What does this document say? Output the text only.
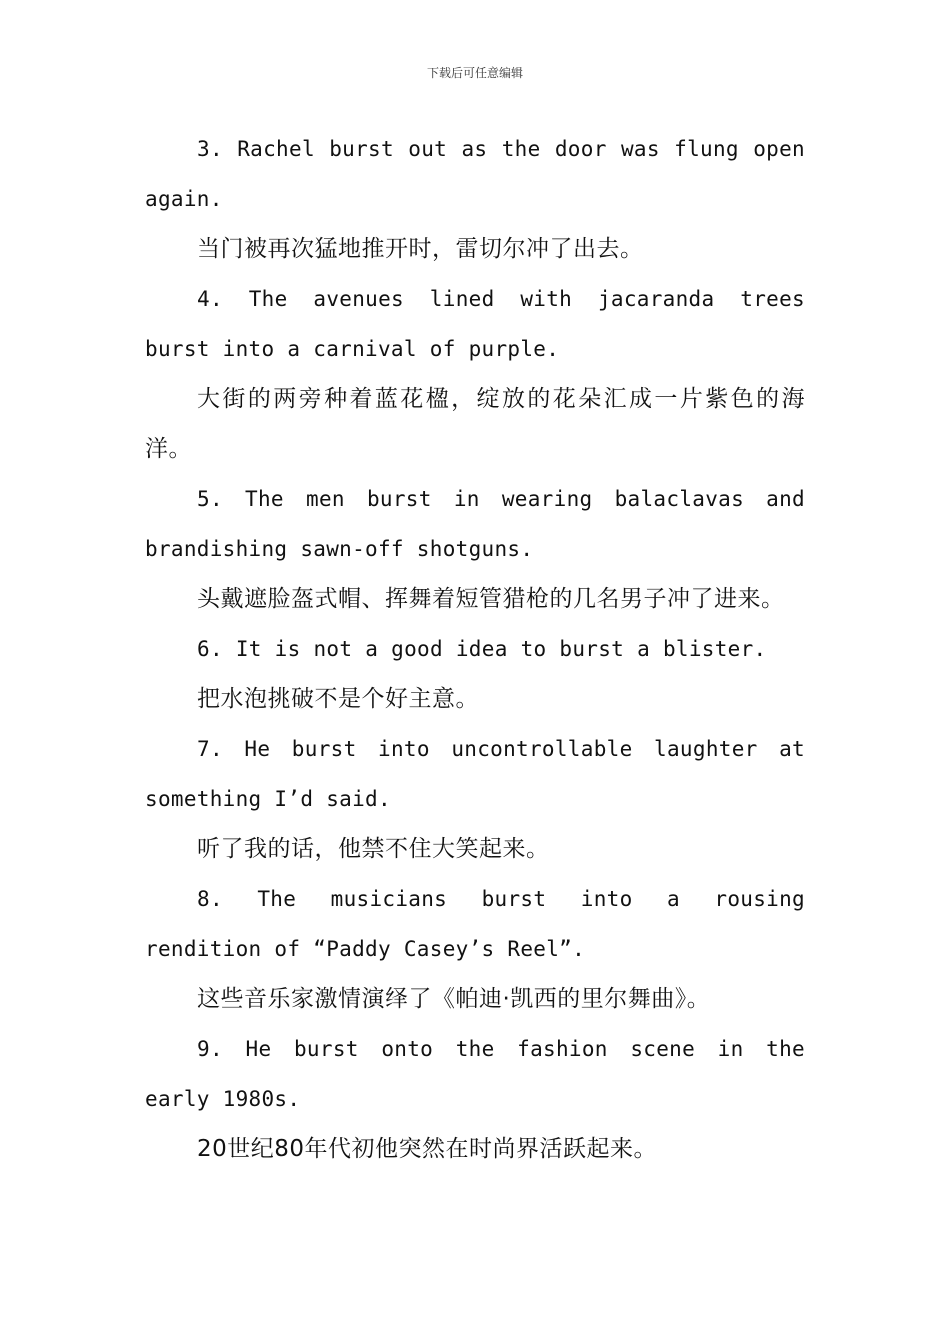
下载后可任意编辑

3. Rachel burst out as the door was flung open again.

当门被再次猛地推开时，雷切尔冲了出去。

4. The avenues lined with jacaranda trees burst into a carnival of purple.

大街的两旁种着蓝花楹，绽放的花朵汇成一片紫色的海洋。

5. The men burst in wearing balaclavas and brandishing sawn-off shotguns.

头戴遮脸盔式帽、挥舞着短管猎枪的几名男子冲了进来。

6. It is not a good idea to burst a blister.

把水泡挑破不是个好主意。

7. He burst into uncontrollable laughter at something I’d said.

听了我的话，他禁不住大笑起来。

8. The musicians burst into a rousing rendition of “Paddy Casey’s Reel”.

这些音乐家激情演绎了《帕迪·凯西的里尔舞曲》。

9. He burst onto the fashion scene in the early 1980s.

20世纪80年代初他突然在时尚界活跃起来。
